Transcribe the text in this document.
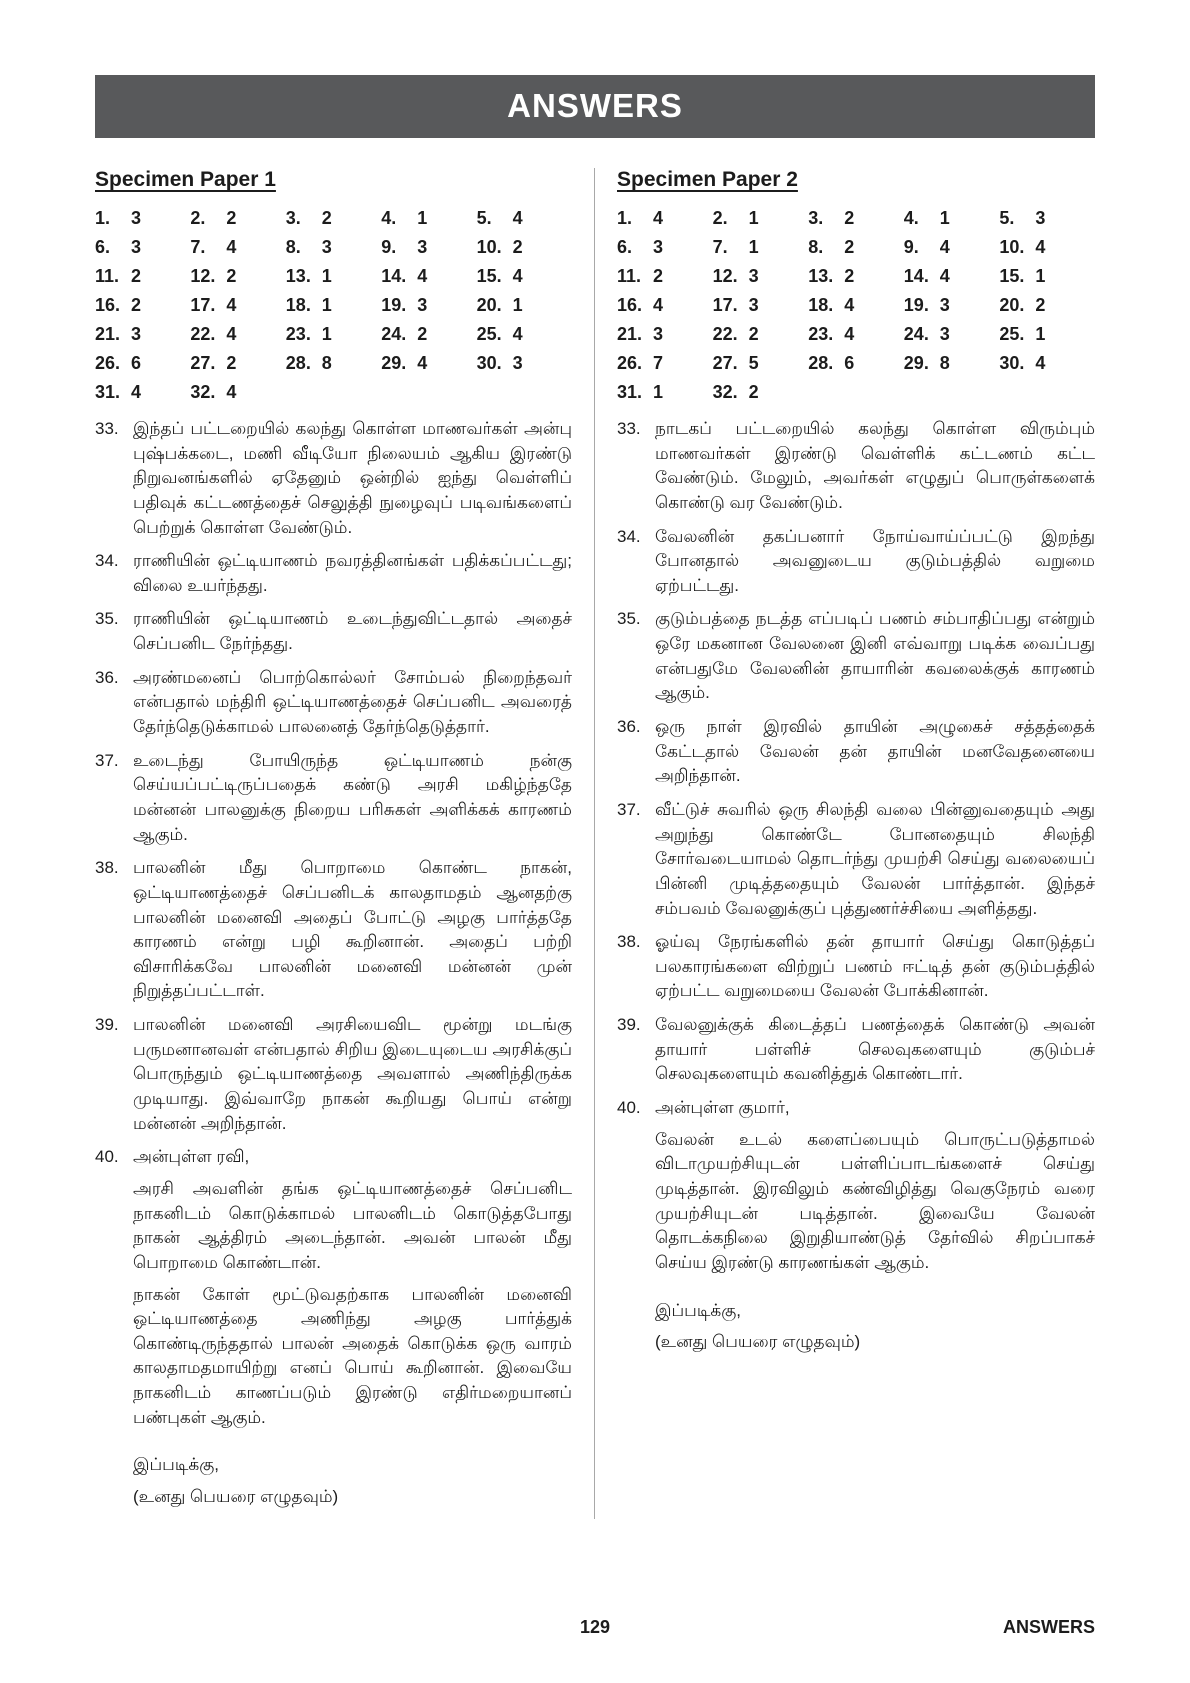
ANSWERS
Specimen Paper 1
1.	3	2.	2	3.	2	4.	1	5.	4
6.	3	7.	4	8.	3	9.	3	10. 2
11. 2	12. 2	13. 1	14. 4	15. 4
16. 2	17. 4	18. 1	19. 3	20. 1
21. 3	22. 4	23. 1	24. 2	25. 4
26. 6	27. 2	28. 8	29. 4	30. 3
31. 4	32. 4
33. இந்தப் பட்டறையில் கலந்து கொள்ள மாணவர்கள் அன்பு புஷ்பக்கடை, மணி வீடியோ நிலையம் ஆகிய இரண்டு நிறுவனங்களில் ஏதேனும் ஒன்றில் ஐந்து வெள்ளிப் பதிவுக் கட்டணத்தைச் செலுத்தி நுழைவுப் படிவங்களைப் பெற்றுக் கொள்ள வேண்டும்.

34. ராணியின் ஒட்டியாணம் நவரத்தினங்கள் பதிக்கப்பட்டது; விலை உயர்ந்தது.

35. ராணியின் ஒட்டியாணம் உடைந்துவிட்டதால் அதைச் செப்பனிட நேர்ந்தது.

36. அரண்மனைப் பொற்கொல்லர் சோம்பல் நிறைந்தவர் என்பதால் மந்திரி ஒட்டியாணத்தைச் செப்பனிட அவரைத் தேர்ந்தெடுக்காமல் பாலனைத் தேர்ந்தெடுத்தார்.

37. உடைந்து போயிருந்த ஒட்டியாணம் நன்கு செய்யப்பட்டிருப்பதைக் கண்டு அரசி மகிழ்ந்ததே மன்னன் பாலனுக்கு நிறைய பரிசுகள் அளிக்கக் காரணம் ஆகும்.

38. பாலனின் மீது பொறாமை கொண்ட நாகன், ஒட்டியாணத்தைச் செப்பனிடக் காலதாமதம் ஆனதற்கு பாலனின் மனைவி அதைப் போட்டு அழகு பார்த்ததே காரணம் என்று பழி கூறினான். அதைப் பற்றி விசாரிக்கவே பாலனின் மனைவி மன்னன் முன் நிறுத்தப்பட்டாள்.

39. பாலனின் மனைவி அரசியைவிட மூன்று மடங்கு பருமனானவள் என்பதால் சிறிய இடையுடைய அரசிக்குப் பொருந்தும் ஒட்டியாணத்தை அவளால் அணிந்திருக்க முடியாது. இவ்வாறே நாகன் கூறியது பொய் என்று மன்னன் அறிந்தான்.

40. அன்புள்ள ரவி,

அரசி அவளின் தங்க ஒட்டியாணத்தைச் செப்பனிட நாகனிடம் கொடுக்காமல் பாலனிடம் கொடுத்தபோது நாகன் ஆத்திரம் அடைந்தான். அவன் பாலன் மீது பொறாமை கொண்டான்.

நாகன் கோள் மூட்டுவதற்காக பாலனின் மனைவி ஒட்டியாணத்தை அணிந்து அழகு பார்த்துக் கொண்டிருந்ததால் பாலன் அதைக் கொடுக்க ஒரு வாரம் காலதாமதமாயிற்று எனப் பொய் கூறினான். இவையே நாகனிடம் காணப்படும் இரண்டு எதிர்மறையானப் பண்புகள் ஆகும்.

இப்படிக்கு,

(உனது பெயரை எழுதவும்)

Specimen Paper 2
1.	4	2.	1	3.	2	4.	1	5.	3
6.	3	7.	1	8.	2	9.	4	10. 4
11. 2	12. 3	13. 2	14. 4	15. 1
16. 4	17. 3	18. 4	19. 3	20. 2
21. 3	22. 2	23. 4	24. 3	25. 1
26. 7	27. 5	28. 6	29. 8	30. 4
31. 1	32. 2
33. நாடகப் பட்டறையில் கலந்து கொள்ள விரும்பும் மாணவர்கள் இரண்டு வெள்ளிக் கட்டணம் கட்ட வேண்டும். மேலும், அவர்கள் எழுதுப் பொருள்களைக் கொண்டு வர வேண்டும்.

34. வேலனின் தகப்பனார் நோய்வாய்ப்பட்டு இறந்து போனதால் அவனுடைய குடும்பத்தில் வறுமை ஏற்பட்டது.

35. குடும்பத்தை நடத்த எப்படிப் பணம் சம்பாதிப்பது என்றும் ஒரே மகனான வேலனை இனி எவ்வாறு படிக்க வைப்பது என்பதுமே வேலனின் தாயாரின் கவலைக்குக் காரணம் ஆகும்.

36. ஒரு நாள் இரவில் தாயின் அழுகைச் சத்தத்தைக் கேட்டதால் வேலன் தன் தாயின் மனவேதனையை அறிந்தான்.

37. வீட்டுச் சுவரில் ஒரு சிலந்தி வலை பின்னுவதையும் அது அறுந்து கொண்டே போனதையும் சிலந்தி சோர்வடையாமல் தொடர்ந்து முயற்சி செய்து வலையைப் பின்னி முடித்ததையும் வேலன் பார்த்தான். இந்தச் சம்பவம் வேலனுக்குப் புத்துணர்ச்சியை அளித்தது.

38. ஓய்வு நேரங்களில் தன் தாயார் செய்து கொடுத்தப் பலகாரங்களை விற்றுப் பணம் ஈட்டித் தன் குடும்பத்தில் ஏற்பட்ட வறுமையை வேலன் போக்கினான்.

39. வேலனுக்குக் கிடைத்தப் பணத்தைக் கொண்டு அவன் தாயார் பள்ளிச் செலவுகளையும் குடும்பச் செலவுகளையும் கவனித்துக் கொண்டார்.

40. அன்புள்ள குமார்,

வேலன் உடல் களைப்பையும் பொருட்படுத்தாமல் விடாமுயற்சியுடன் பள்ளிப்பாடங்களைச் செய்து முடித்தான். இரவிலும் கண்விழித்து வெகுநேரம் வரை முயற்சியுடன் படித்தான். இவையே வேலன் தொடக்கநிலை இறுதியாண்டுத் தேர்வில் சிறப்பாகச் செய்ய இரண்டு காரணங்கள் ஆகும்.

இப்படிக்கு,

(உனது பெயரை எழுதவும்)

129	ANSWERS
